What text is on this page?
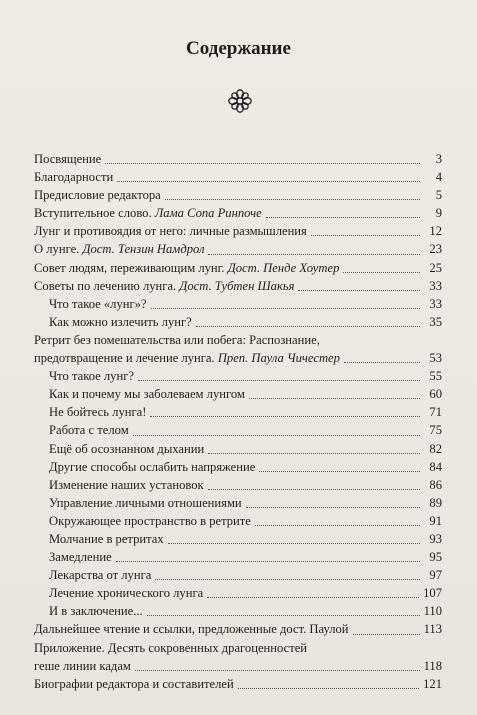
Содержание
Посвящение	3
Благодарности	4
Предисловие редактора	5
Вступительное слово. Лама Сопа Ринпоче	9
Лунг и противоядия от него: личные размышления	12
О лунге. Дост. Тензин Намдрол	23
Совет людям, переживающим лунг. Дост. Пенде Хоутер	25
Советы по лечению лунга. Дост. Тубтен Шакья	33
Что такое «лунг»?	33
Как можно излечить лунг?	35
Ретрит без помешательства или побега: Распознание,
предотвращение и лечение лунга. Преп. Паула Чичестер	53
Что такое лунг?	55
Как и почему мы заболеваем лунгом	60
Не бойтесь лунга!	71
Работа с телом	75
Ещё об осознанном дыхании	82
Другие способы ослабить напряжение	84
Изменение наших установок	86
Управление личными отношениями	89
Окружающее пространство в ретрите	91
Молчание в ретритах	93
Замедление	95
Лекарства от лунга	97
Лечение хронического лунга	107
И в заключение...	110
Дальнейшее чтение и ссылки, предложенные дост. Паулой	113
Приложение. Десять сокровенных драгоценностей
геше линии кадам	118
Биографии редактора и составителей	121
